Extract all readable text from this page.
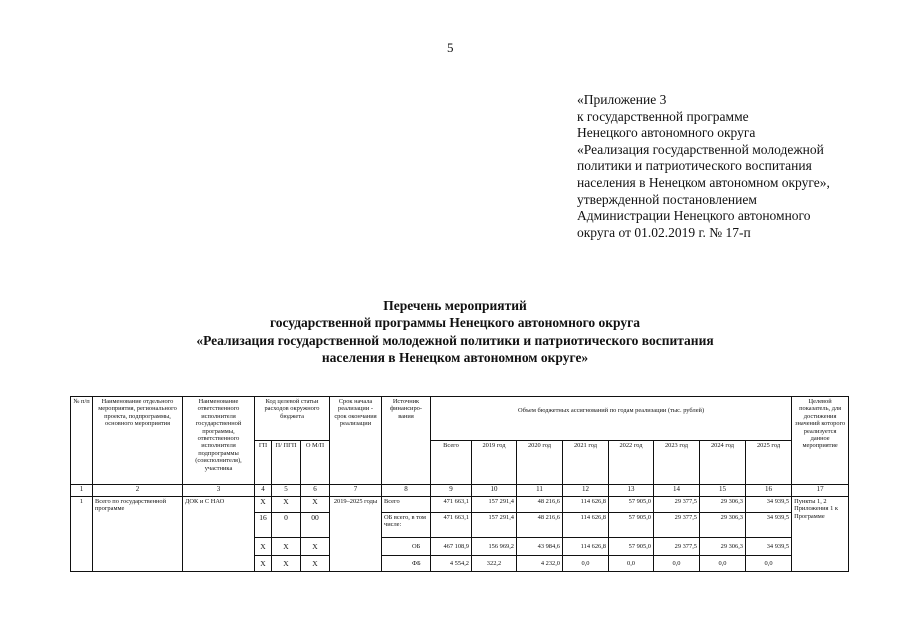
5
«Приложение 3
к государственной программе
Ненецкого автономного округа
«Реализация государственной молодежной
политики и патриотического воспитания
населения в Ненецком автономном округе»,
утвержденной постановлением
Администрации Ненецкого автономного
округа от 01.02.2019 г. № 17-п
Перечень мероприятий
государственной программы Ненецкого автономного округа
«Реализация государственной молодежной политики и патриотического воспитания
населения в Ненецком автономном округе»
№ п/п	Наименование отдельного мероприятия, регионального проекта, подпрограммы, основного мероприятия	Наименование ответственного исполнителя государственной программы, ответственного исполнителя подпрограммы (соисполнителя), участника	Код целевой статьи расходов окружного бюджета			Срок начала реализации - срок окончания реализации	Источник финансиро- вания	Объем бюджетных ассигнований по годам реализации (тыс. рублей)								Целевой показатель, для достижения значений которого реализуется данное мероприятие
			ГП	П/ ПГП	О М/П			Всего	2019 год	2020 год	2021 год	2022 год	2023 год	2024 год	2025 год	
1	2	3	4	5	6	7	8	9	10	11	12	13	14	15	16	17
1	Всего по государственной программе	ДОК и С НАО	Х	Х	Х	2019–2025 годы	Всего	471 663,1	157 291,4	48 216,6	114 626,8	57 905,0	29 377,5	29 306,3	34 939,5	Пункты 1, 2 Приложения 1 к Программе
			16	0	00		ОБ всего, в том числе:	471 663,1	157 291,4	48 216,6	114 626,8	57 905,0	29 377,5	29 306,3	34 939,5	
			Х	Х	Х		ОБ	467 108,9	156 969,2	43 984,6	114 626,8	57 905,0	29 377,5	29 306,3	34 939,5	
			Х	Х	Х		ФБ	4 554,2	322,2	4 232,0	0,0	0,0	0,0	0,0	0,0	
